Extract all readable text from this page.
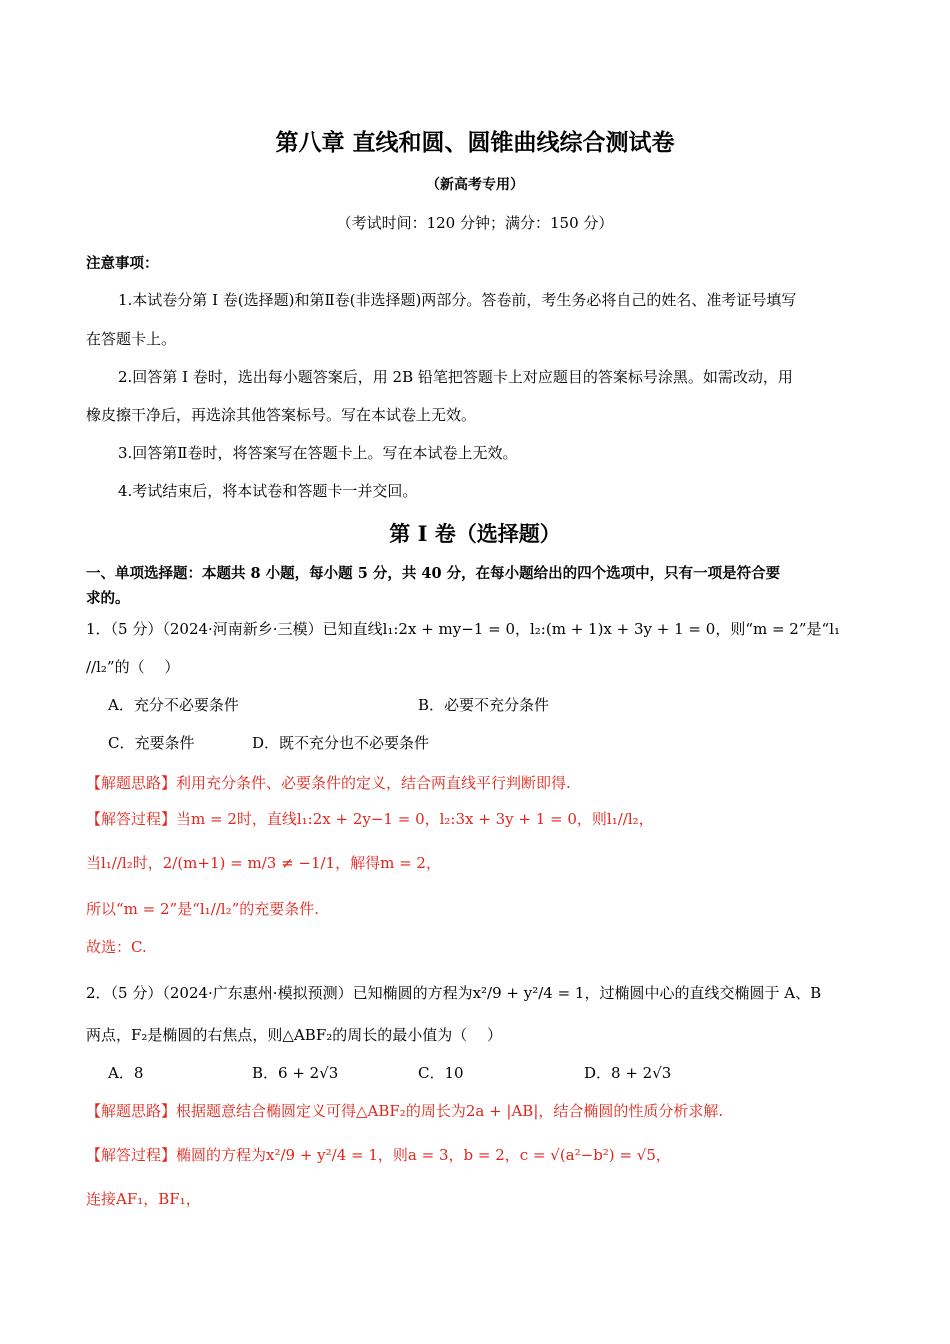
第八章 直线和圆、圆锥曲线综合测试卷
（新高考专用）
（考试时间：120 分钟；满分：150 分）
注意事项：
1.本试卷分第 I 卷(选择题)和第Ⅱ卷(非选择题)两部分。答卷前，考生务必将自己的姓名、准考证号填写
在答题卡上。
2.回答第 I 卷时，选出每小题答案后，用 2B 铅笔把答题卡上对应题目的答案标号涂黑。如需改动，用
橡皮擦干净后，再选涂其他答案标号。写在本试卷上无效。
3.回答第Ⅱ卷时，将答案写在答题卡上。写在本试卷上无效。
4.考试结束后，将本试卷和答题卡一并交回。
第 I 卷（选择题）
一、单项选择题：本题共 8 小题，每小题 5 分，共 40 分，在每小题给出的四个选项中，只有一项是符合要
求的。
1．（5 分）（2024·河南新乡·三模）已知直线l₁:2x + my−1 = 0，l₂:(m + 1)x + 3y + 1 = 0，则“m = 2”是“l₁
//l₂”的（　 ）
A．充分不必要条件	B．必要不充分条件
C．充要条件	D．既不充分也不必要条件
【解题思路】利用充分条件、必要条件的定义，结合两直线平行判断即得.
【解答过程】当m = 2时，直线l₁:2x + 2y−1 = 0，l₂:3x + 3y + 1 = 0，则l₁//l₂，
当l₁//l₂时，2/(m+1) = m/3 ≠ −1/1，解得m = 2，
所以“m = 2”是“l₁//l₂”的充要条件.
故选：C.
2．（5 分）（2024·广东惠州·模拟预测）已知椭圆的方程为x²/9 + y²/4 = 1，过椭圆中心的直线交椭圆于 A、B
两点，F₂是椭圆的右焦点，则△ABF₂的周长的最小值为（　 ）
A．8	B．6 + 2√3	C．10	D．8 + 2√3
【解题思路】根据题意结合椭圆定义可得△ABF₂的周长为2a + |AB|，结合椭圆的性质分析求解.
【解答过程】椭圆的方程为x²/9 + y²/4 = 1，则a = 3，b = 2，c = √(a²−b²) = √5，
连接AF₁，BF₁，
